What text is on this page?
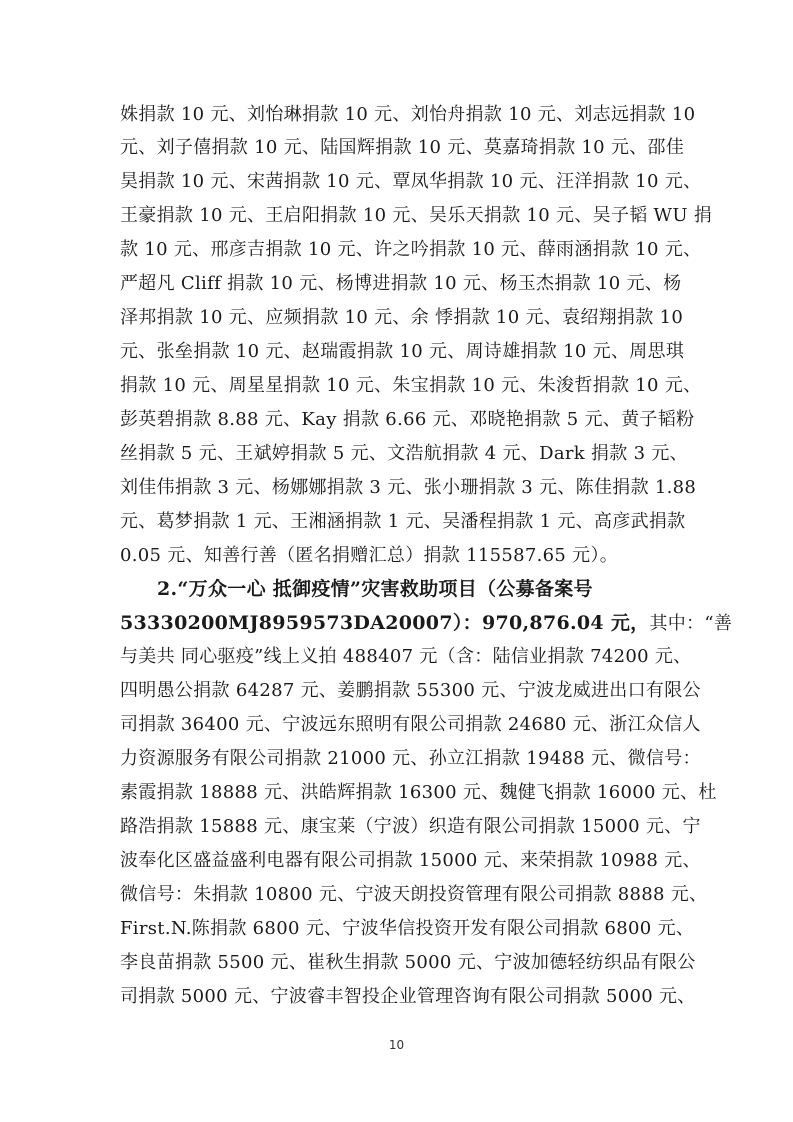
姝捐款 10 元、刘怡琳捐款 10 元、刘怡舟捐款 10 元、刘志远捐款 10
元、刘子僖捐款 10 元、陆国辉捐款 10 元、莫嘉琦捐款 10 元、邵佳
昊捐款 10 元、宋茜捐款 10 元、覃凤华捐款 10 元、汪洋捐款 10 元、
王豪捐款 10 元、王启阳捐款 10 元、吴乐天捐款 10 元、吴子韬 WU 捐
款 10 元、邢彦吉捐款 10 元、许之吟捐款 10 元、薛雨涵捐款 10 元、
严超凡 Cliff 捐款 10 元、杨博进捐款 10 元、杨玉杰捐款 10 元、杨
泽邦捐款 10 元、应频捐款 10 元、余 悸捐款 10 元、袁绍翔捐款 10
元、张垒捐款 10 元、赵瑞霞捐款 10 元、周诗雄捐款 10 元、周思琪
捐款 10 元、周星星捐款 10 元、朱宝捐款 10 元、朱浚哲捐款 10 元、
彭英碧捐款 8.88 元、Kay 捐款 6.66 元、邓晓艳捐款 5 元、黄子韬粉
丝捐款 5 元、王斌婷捐款 5 元、文浩航捐款 4 元、Dark 捐款 3 元、
刘佳伟捐款 3 元、杨娜娜捐款 3 元、张小珊捐款 3 元、陈佳捐款 1.88
元、葛梦捐款 1 元、王湘涵捐款 1 元、吴潘程捐款 1 元、高彦武捐款
0.05 元、知善行善（匿名捐赠汇总）捐款 115587.65 元）。
2.“万众一心 抵御疫情”灾害救助项目（公募备案号
53330200MJ8959573DA20007）：970,876.04 元，其中：“善
与美共 同心驱疫”线上义拍 488407 元（含：陆信业捐款 74200 元、
四明愚公捐款 64287 元、姜鹏捐款 55300 元、宁波龙威进出口有限公
司捐款 36400 元、宁波远东照明有限公司捐款 24680 元、浙江众信人
力资源服务有限公司捐款 21000 元、孙立江捐款 19488 元、微信号：
素霞捐款 18888 元、洪皓辉捐款 16300 元、魏健飞捐款 16000 元、杜
路浩捐款 15888 元、康宝莱（宁波）织造有限公司捐款 15000 元、宁
波奉化区盛益盛利电器有限公司捐款 15000 元、来荣捐款 10988 元、
微信号：朱捐款 10800 元、宁波天朗投资管理有限公司捐款 8888 元、
First.N.陈捐款 6800 元、宁波华信投资开发有限公司捐款 6800 元、
李良苗捐款 5500 元、崔秋生捐款 5000 元、宁波加德轻纺织品有限公
司捐款 5000 元、宁波睿丰智投企业管理咨询有限公司捐款 5000 元、
10
